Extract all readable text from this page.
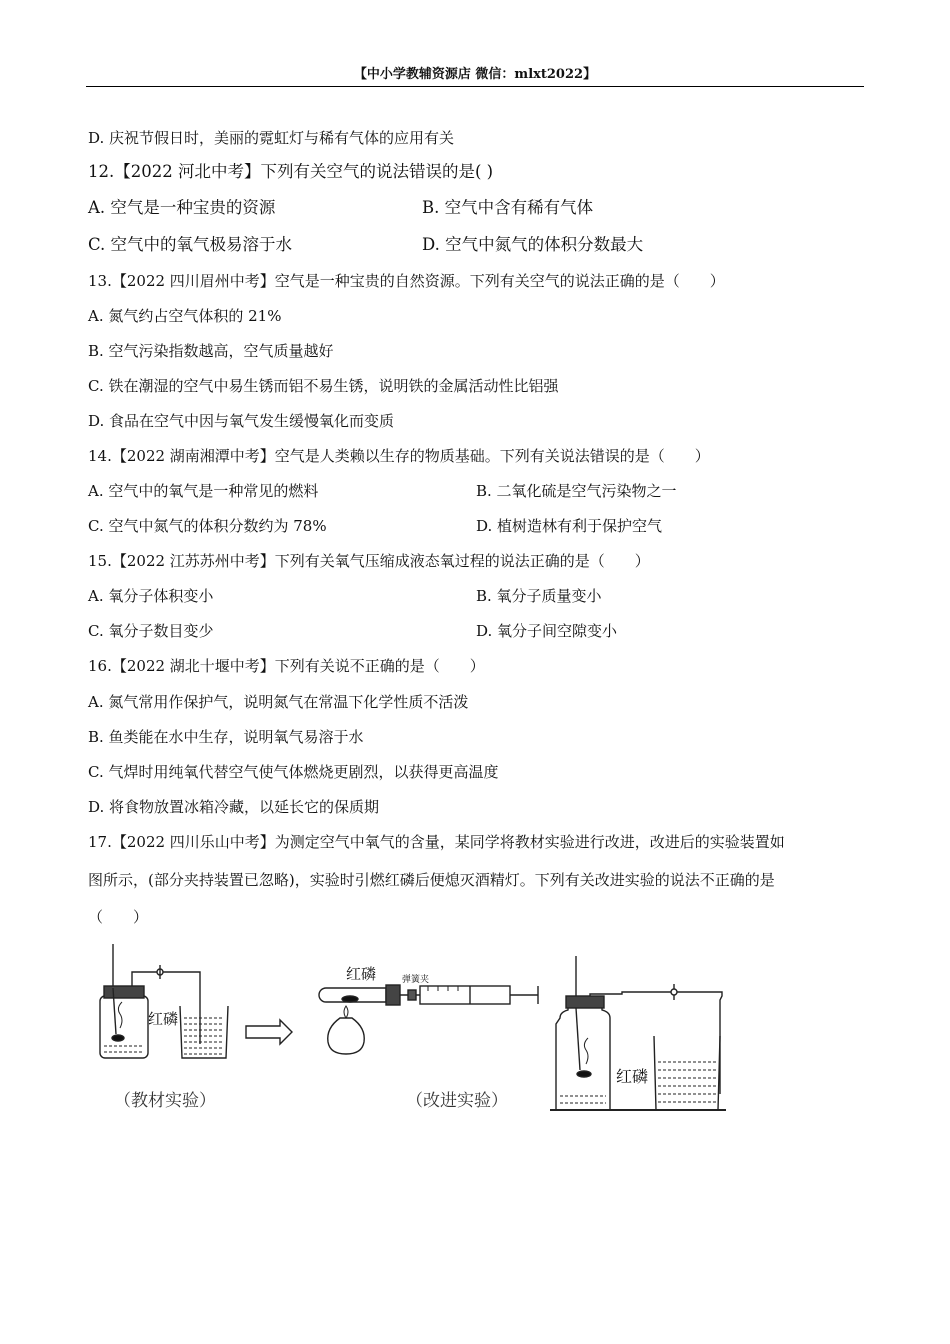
【中小学教辅资源店 微信：mlxt2022】
D. 庆祝节假日时，美丽的霓虹灯与稀有气体的应用有关
12.【2022 河北中考】下列有关空气的说法错误的是( )
A. 空气是一种宝贵的资源	B. 空气中含有稀有气体
C. 空气中的氧气极易溶于水	D. 空气中氮气的体积分数最大
13.【2022 四川眉州中考】空气是一种宝贵的自然资源。下列有关空气的说法正确的是（　　）
A. 氮气约占空气体积的 21%
B. 空气污染指数越高，空气质量越好
C. 铁在潮湿的空气中易生锈而铝不易生锈，说明铁的金属活动性比铝强
D. 食品在空气中因与氧气发生缓慢氧化而变质
14.【2022 湖南湘潭中考】空气是人类赖以生存的物质基础。下列有关说法错误的是（　　）
A. 空气中的氧气是一种常见的燃料	B. 二氧化硫是空气污染物之一
C. 空气中氮气的体积分数约为 78%	D. 植树造林有利于保护空气
15.【2022 江苏苏州中考】下列有关氧气压缩成液态氧过程的说法正确的是（　　）
A. 氧分子体积变小	B. 氧分子质量变小
C. 氧分子数目变少	D. 氧分子间空隙变小
16.【2022 湖北十堰中考】下列有关说不正确的是（　　）
A. 氮气常用作保护气，说明氮气在常温下化学性质不活泼
B. 鱼类能在水中生存，说明氧气易溶于水
C. 气焊时用纯氧代替空气使气体燃烧更剧烈，以获得更高温度
D. 将食物放置冰箱冷藏，以延长它的保质期
17.【2022 四川乐山中考】为测定空气中氧气的含量，某同学将教材实验进行改进，改进后的实验装置如
图所示，(部分夹持装置已忽略)，实验时引燃红磷后便熄灭酒精灯。下列有关改进实验的说法不正确的是
（　　）
红磷
红磷	弹簧夹
（教材实验）	（改进实验）
红磷
